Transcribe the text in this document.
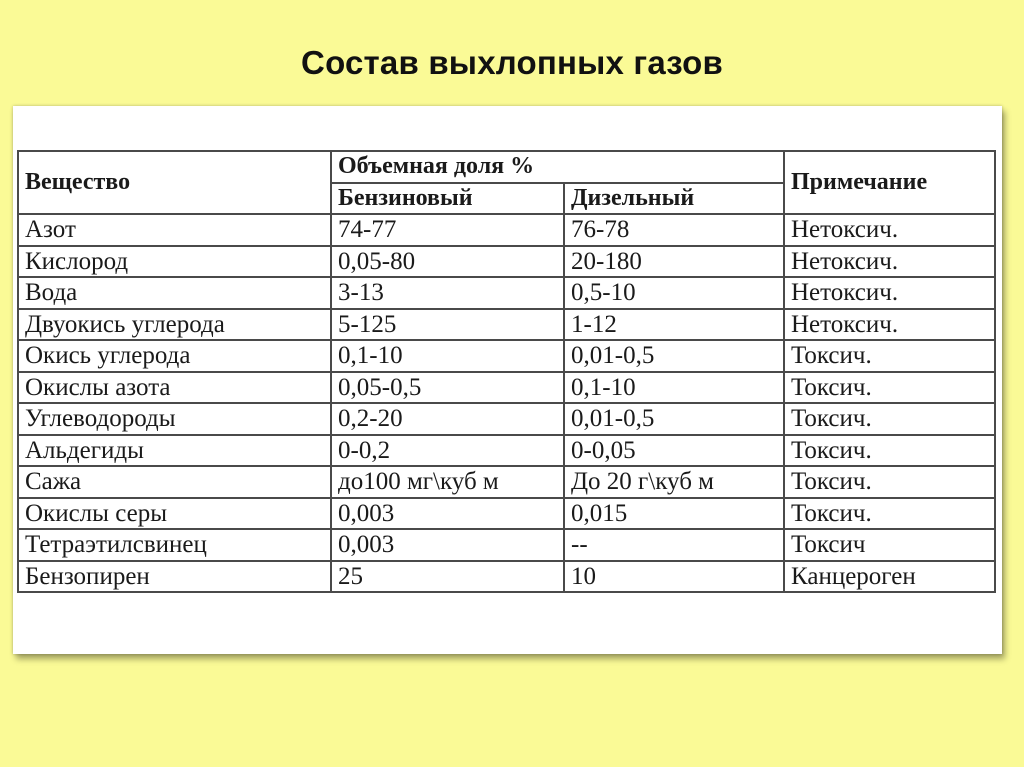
Состав выхлопных газов
Вещество	Объемная доля %		Примечание
	Бензиновый	Дизельный	
Азот	74-77	76-78	Нетоксич.
Кислород	0,05-80	20-180	Нетоксич.
Вода	3-13	0,5-10	Нетоксич.
Двуокись углерода	5-125	1-12	Нетоксич.
Окись углерода	0,1-10	0,01-0,5	Токсич.
Окислы азота	0,05-0,5	0,1-10	Токсич.
Углеводороды	0,2-20	0,01-0,5	Токсич.
Альдегиды	0-0,2	0-0,05	Токсич.
Сажа	до100 мг\куб м	До 20 г\куб м	Токсич.
Окислы серы	0,003	0,015	Токсич.
Тетраэтилсвинец	0,003	--	Токсич
Бензопирен	25	10	Канцероген
